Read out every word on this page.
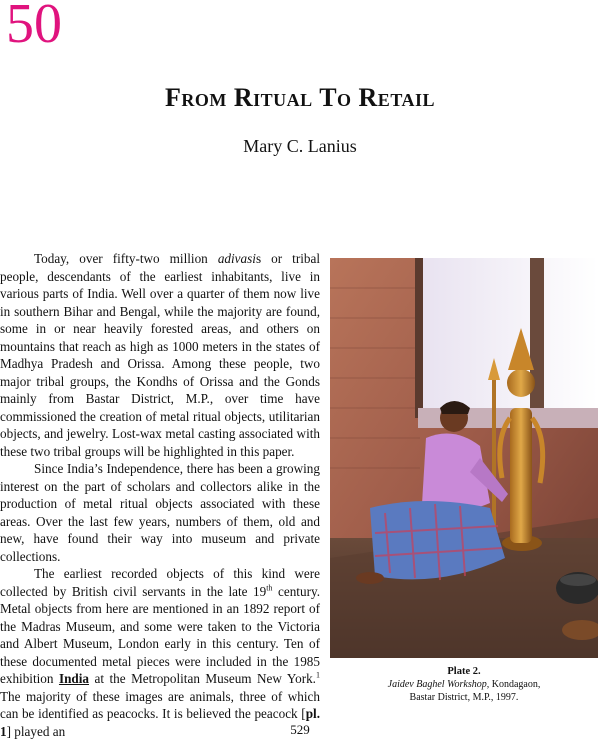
50
From Ritual To Retail
Mary C. Lanius

Today, over fifty-two million adivasis or tribal people, descendants of the earliest inhabitants, live in various parts of India. Well over a quarter of them now live in southern Bihar and Bengal, while the majority are found, some in or near heavily forested areas, and others on mountains that reach as high as 1000 meters in the states of Madhya Pradesh and Orissa. Among these people, two major tribal groups, the Kondhs of Orissa and the Gonds mainly from Bastar District, M.P., over time have commissioned the creation of metal ritual objects, utilitarian objects, and jewelry. Lost-wax metal casting associated with these two tribal groups will be highlighted in this paper.

Since India’s Independence, there has been a growing interest on the part of scholars and collectors alike in the production of metal ritual objects associated with these areas. Over the last few years, numbers of them, old and new, have found their way into museum and private collections.

The earliest recorded objects of this kind were collected by British civil servants in the late 19th century. Metal objects from here are mentioned in an 1892 report of the Madras Museum, and some were taken to the Victoria and Albert Museum, London early in this century. Ten of these documented metal pieces were included in the 1985 exhibition India at the Metropolitan Museum New York.$^1$ The majority of these images are animals, three of which can be identified as peacocks. It is believed the peacock [pl. 1] played an

Plate 2.
Jaidev Baghel Workshop, Kondagaon,
Bastar District, M.P., 1997.
529
